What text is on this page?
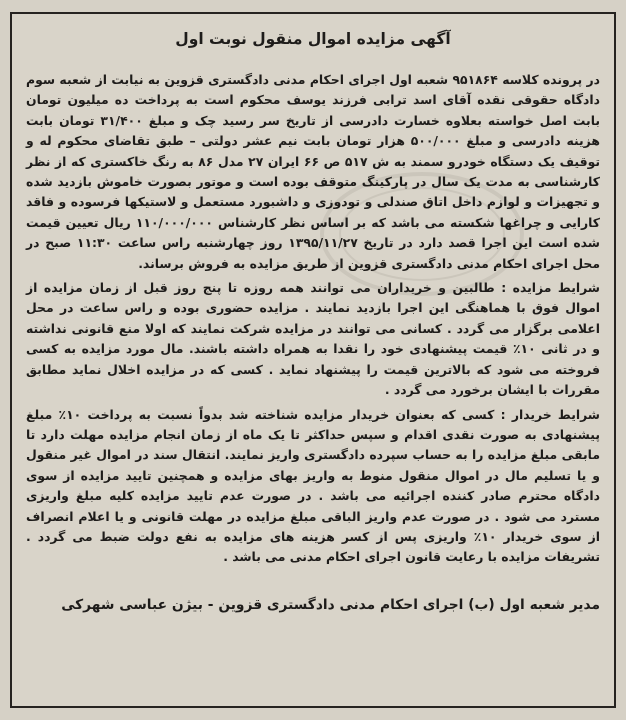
آگهی مزایده اموال منقول نوبت اول

در پرونده کلاسه ۹۵۱۸۶۴ شعبه اول اجرای احکام مدنی دادگستری قزوین به نیابت از شعبه سوم دادگاه حقوقی نقده آقای اسد ترابی فرزند یوسف محکوم است به پرداخت ده میلیون تومان بابت اصل خواسته بعلاوه خسارت دادرسی از تاریخ سر رسید چک و مبلغ ۳۱/۴۰۰ تومان بابت هزینه دادرسی و مبلغ ۵۰۰/۰۰۰ هزار تومان بابت نیم عشر دولتی – طبق تقاضای محکوم له و توقیف یک دستگاه خودرو سمند به ش ۵۱۷ ص ۶۶ ایران ۲۷ مدل ۸۶ به رنگ خاکستری که از نظر کارشناسی به مدت یک سال در پارکینگ متوقف بوده است و موتور بصورت خاموش بازدید شده و تجهیزات و لوازم داخل اتاق صندلی و تودوزی و داشبورد مستعمل و لاستیکها فرسوده و فاقد کارایی و چراغها شکسته می باشد که بر اساس نظر کارشناس ۱۱۰/۰۰۰/۰۰۰ ریال تعیین قیمت شده است این اجرا قصد دارد در تاریخ ۱۳۹۵/۱۱/۲۷ روز چهارشنبه راس ساعت ۱۱:۳۰ صبح در محل اجرای احکام مدنی دادگستری قزوین از طریق مزایده به فروش برساند.

شرایط مزایده : طالبین و خریداران می توانند همه روزه تا پنج روز قبل از زمان مزایده از اموال فوق با هماهنگی این اجرا بازدید نمایند . مزایده حضوری بوده و راس ساعت در محل اعلامی برگزار می گردد . کسانی می توانند در مزایده شرکت نمایند که اولا منع قانونی نداشته و در ثانی ۱۰٪ قیمت پیشنهادی خود را نقدا به همراه داشته باشند. مال مورد مزایده به کسی فروخته می شود که بالاترین قیمت را پیشنهاد نماید . کسی که در مزایده اخلال نماید مطابق مقررات با ایشان برخورد می گردد .

شرایط خریدار : کسی که بعنوان خریدار مزایده شناخته شد بدواً نسبت به پرداخت ۱۰٪ مبلغ پیشنهادی به صورت نقدی اقدام و سپس حداکثر تا یک ماه از زمان انجام مزایده مهلت دارد تا مابقی مبلغ مزایده را به حساب سپرده دادگستری واریز نمایند. انتقال سند در اموال غیر منقول و یا تسلیم مال در اموال منقول منوط به واریز بهای مزایده و همچنین تایید مزایده از سوی دادگاه محترم صادر کننده اجرائیه می باشد . در صورت عدم تایید مزایده کلیه مبلغ واریزی مسترد می شود . در صورت عدم واریز الباقی مبلغ مزایده در مهلت قانونی و یا اعلام انصراف از سوی خریدار ۱۰٪ واریزی پس از کسر هزینه های مزایده به نفع دولت ضبط می گردد . تشریفات مزایده با رعایت قانون اجرای احکام مدنی می باشد .

مدیر شعبه اول (ب) اجرای احکام مدنی دادگستری قزوین - بیژن عباسی شهرکی
